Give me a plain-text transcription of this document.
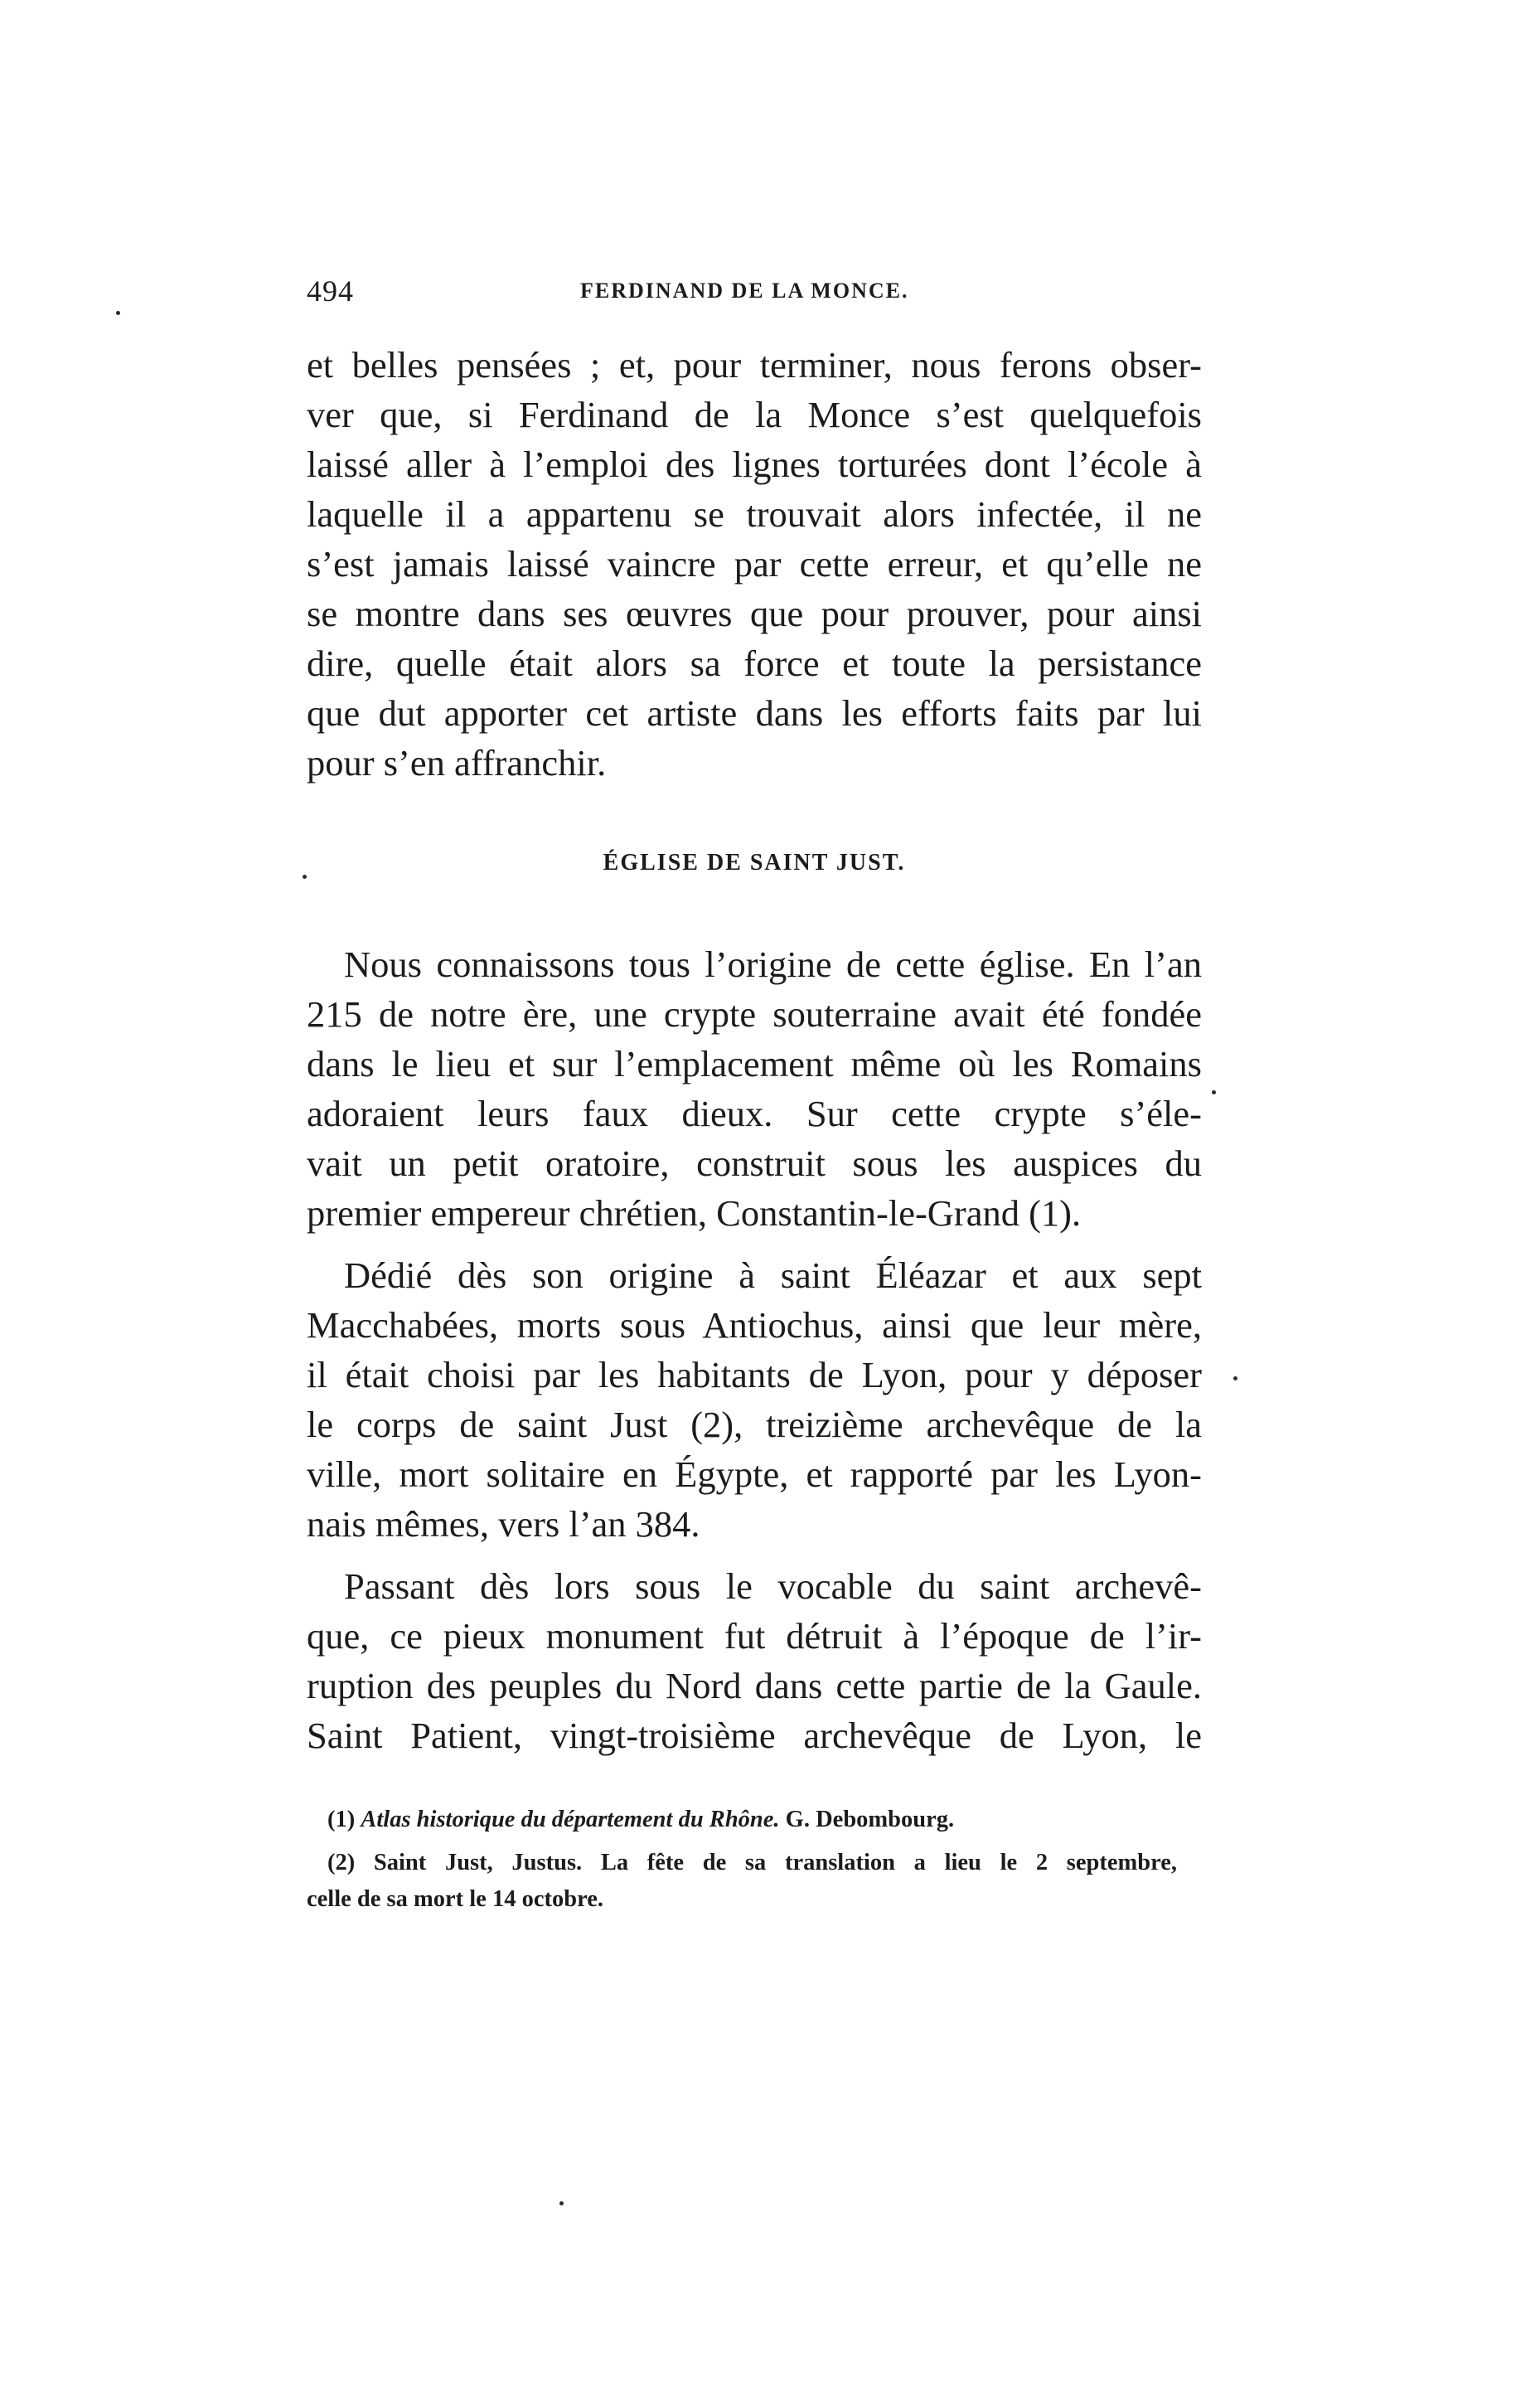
494	FERDINAND DE LA MONCE.
et belles pensées ; et, pour terminer, nous ferons obser-
ver que, si Ferdinand de la Monce s’est quelquefois
laissé aller à l’emploi des lignes torturées dont l’école à
laquelle il a appartenu se trouvait alors infectée, il ne
s’est jamais laissé vaincre par cette erreur, et qu’elle ne
se montre dans ses œuvres que pour prouver, pour ainsi
dire, quelle était alors sa force et toute la persistance
que dut apporter cet artiste dans les efforts faits par lui
pour s’en affranchir.
ÉGLISE DE SAINT JUST.
Nous connaissons tous l’origine de cette église. En l’an
215 de notre ère, une crypte souterraine avait été fondée
dans le lieu et sur l’emplacement même où les Romains
adoraient leurs faux dieux. Sur cette crypte s’éle-
vait un petit oratoire, construit sous les auspices du
premier empereur chrétien, Constantin-le-Grand (1).
Dédié dès son origine à saint Éléazar et aux sept
Macchabées, morts sous Antiochus, ainsi que leur mère,
il était choisi par les habitants de Lyon, pour y déposer
le corps de saint Just (2), treizième archevêque de la
ville, mort solitaire en Égypte, et rapporté par les Lyon-
nais mêmes, vers l’an 384.
Passant dès lors sous le vocable du saint archevê-
que, ce pieux monument fut détruit à l’époque de l’ir-
ruption des peuples du Nord dans cette partie de la Gaule.
Saint Patient, vingt-troisième archevêque de Lyon, le
(1) Atlas historique du département du Rhône. G. Debombourg.
(2) Saint Just, Justus. La fête de sa translation a lieu le 2 septembre,
celle de sa mort le 14 octobre.
